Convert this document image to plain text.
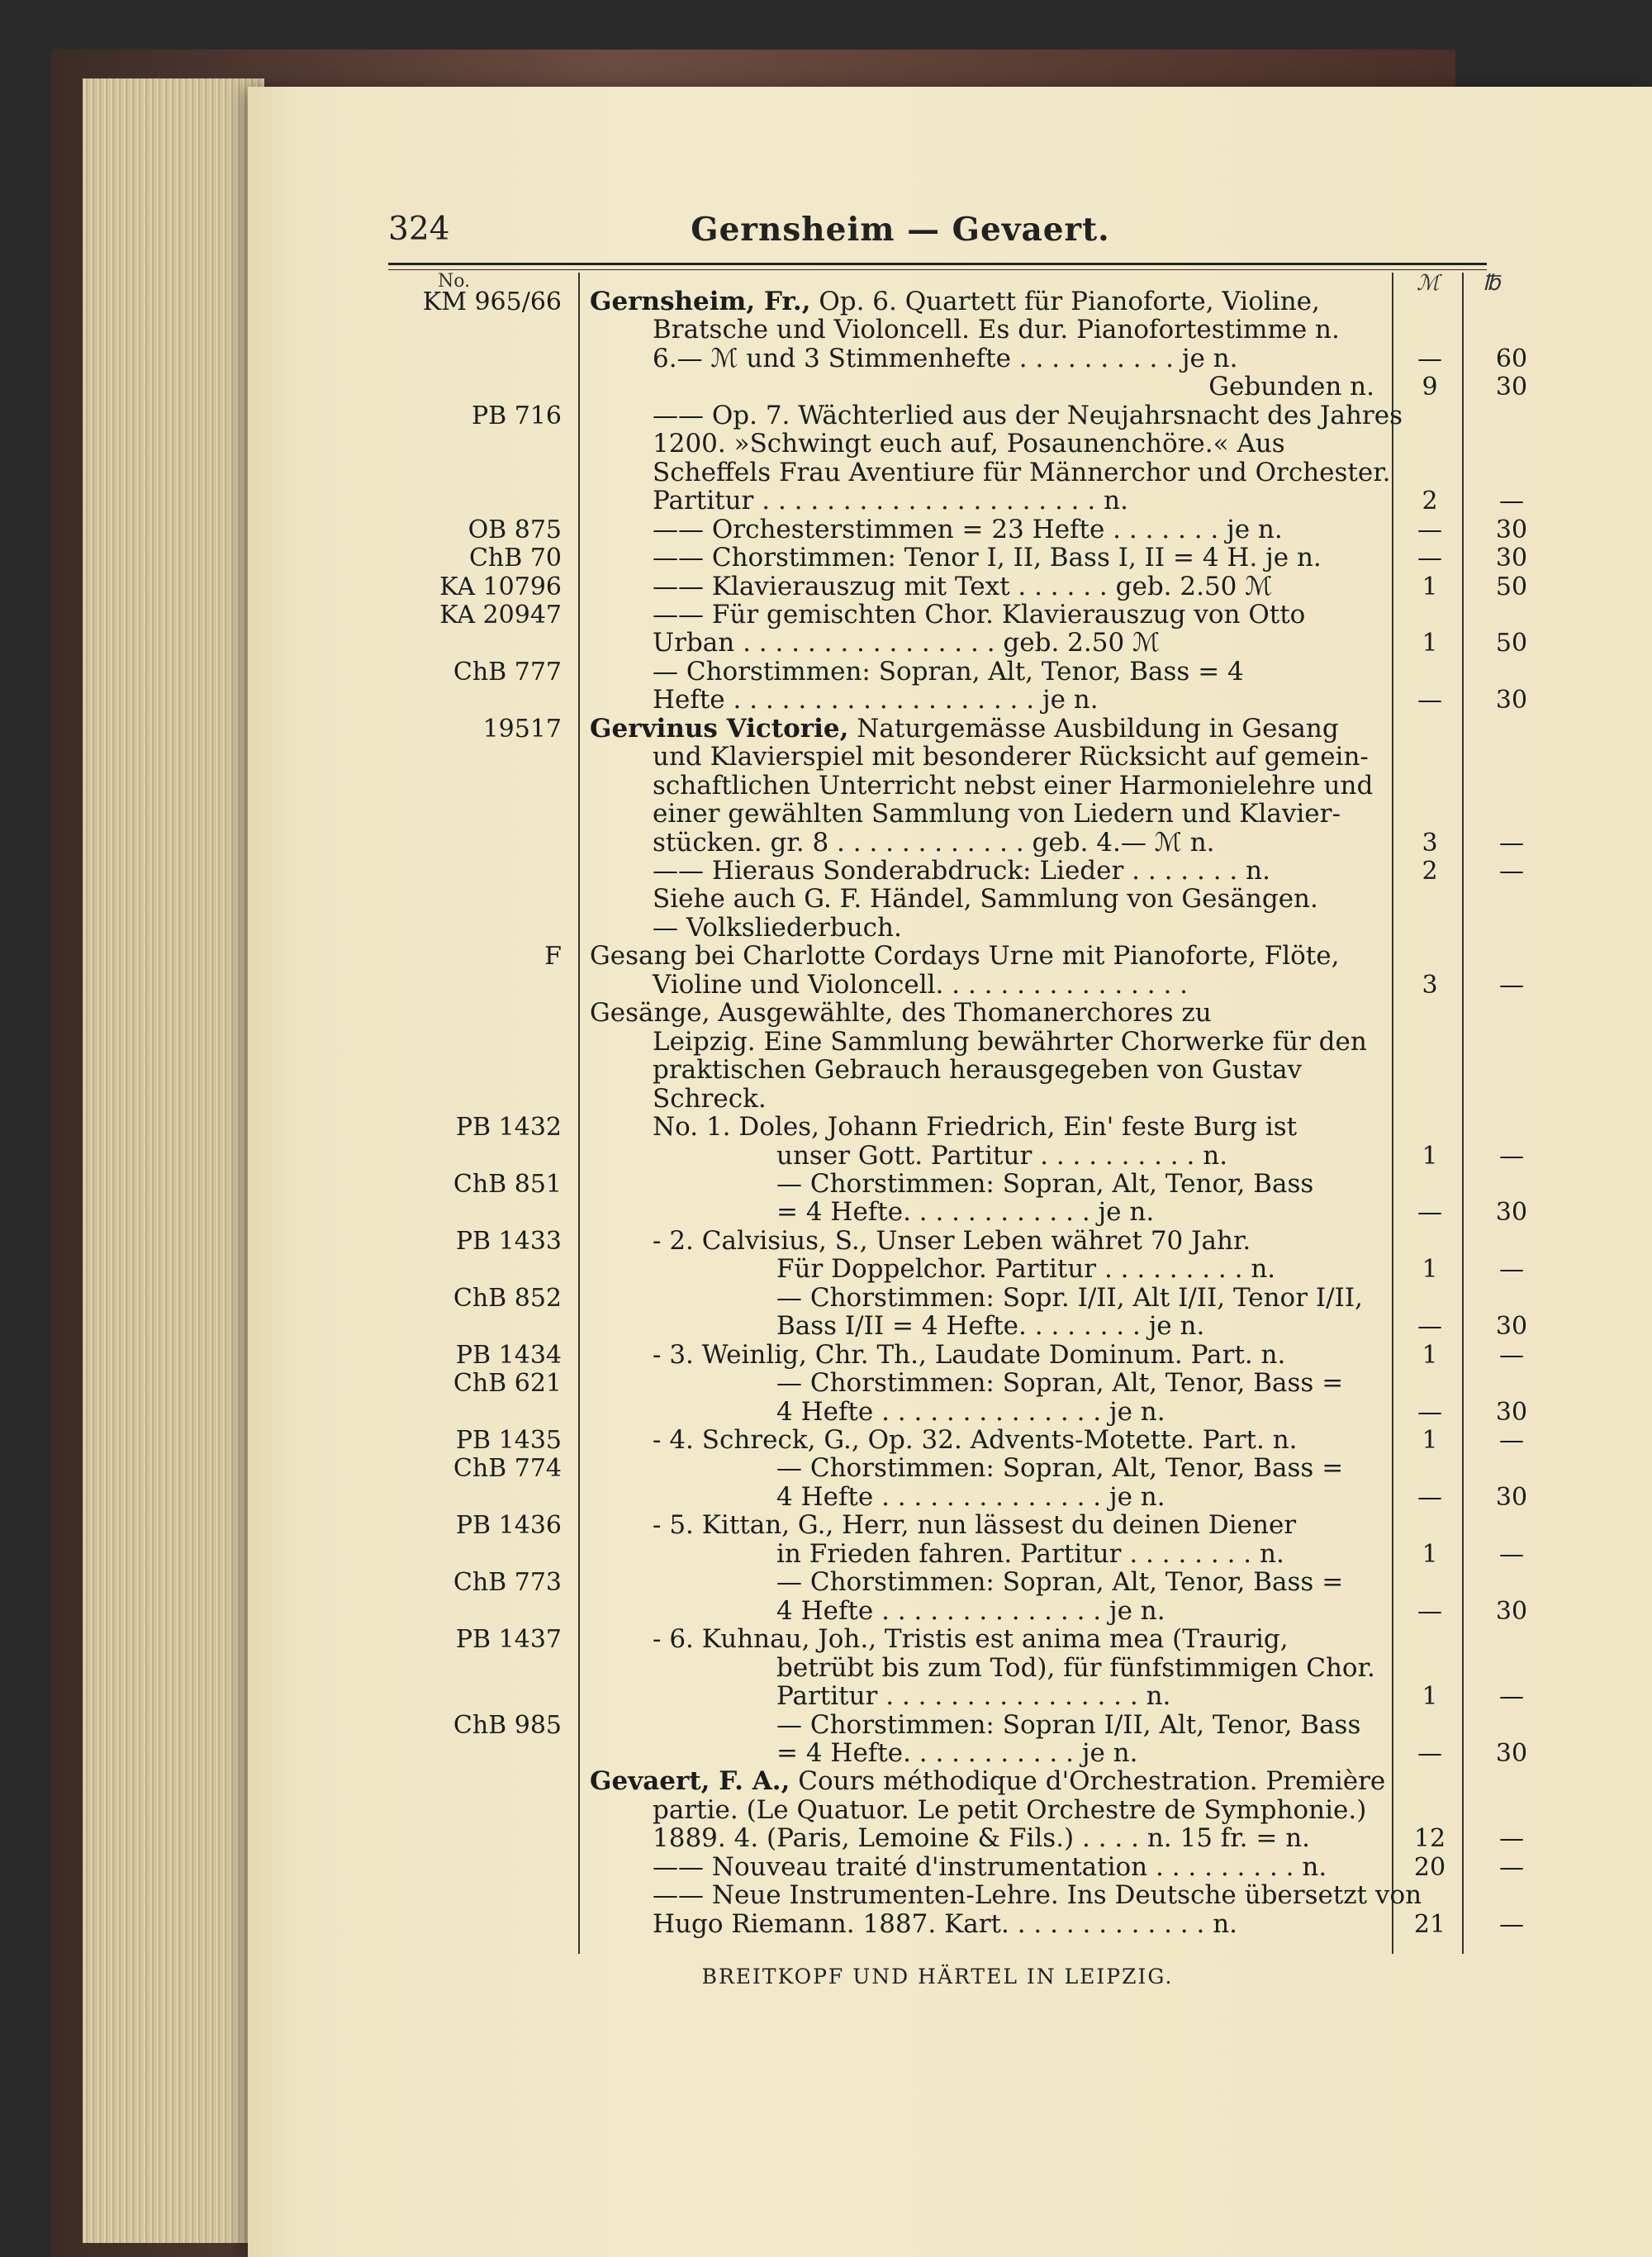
324	Gernsheim — Gevaert.
No.	ℳ ℔
KM 965/66 Gernsheim, Fr., Op. 6. Quartett für Pianoforte, Violine,
Bratsche und Violoncell. Es dur. Pianofortestimme n.
6.— ℳ und 3 Stimmenhefte . . . . . . . . . . je n.	—	60
Gebunden n.	9	30
PB 716	—— Op. 7. Wächterlied aus der Neujahrsnacht des Jahres
1200. »Schwingt euch auf, Posaunenchöre.« Aus
Scheffels Frau Aventiure für Männerchor und Orchester.
Partitur . . . . . . . . . . . . . . . . . . . . . n.	2	—
OB 875	—— Orchesterstimmen = 23 Hefte . . . . . . . je n.	—	30
ChB 70	—— Chorstimmen: Tenor I, II, Bass I, II = 4 H. je n.	—	30
KA 10796	—— Klavierauszug mit Text . . . . . . geb. 2.50 ℳ	1	50
KA 20947	—— Für gemischten Chor. Klavierauszug von Otto
Urban . . . . . . . . . . . . . . . . geb. 2.50 ℳ	1	50
ChB 777	— Chorstimmen: Sopran, Alt, Tenor, Bass = 4
Hefte . . . . . . . . . . . . . . . . . . . je n.	—	30
19517 Gervinus Victorie, Naturgemässe Ausbildung in Gesang
und Klavierspiel mit besonderer Rücksicht auf gemein-
schaftlichen Unterricht nebst einer Harmonielehre und
einer gewählten Sammlung von Liedern und Klavier-
stücken. gr. 8 . . . . . . . . . . . . geb. 4.— ℳ n.	3	—
—— Hieraus Sonderabdruck: Lieder . . . . . . . n.	2	—
Siehe auch G. F. Händel, Sammlung von Gesängen.
— Volksliederbuch.
F Gesang bei Charlotte Cordays Urne mit Pianoforte, Flöte,
Violine und Violoncell. . . . . . . . . . . . . . . .	3	—
Gesänge, Ausgewählte, des Thomanerchores zu
Leipzig. Eine Sammlung bewährter Chorwerke für den
praktischen Gebrauch herausgegeben von Gustav
Schreck.
PB 1432	No. 1. Doles, Johann Friedrich, Ein' feste Burg ist
unser Gott. Partitur . . . . . . . . . . n.	1	—
ChB 851	— Chorstimmen: Sopran, Alt, Tenor, Bass
= 4 Hefte. . . . . . . . . . . . je n.	—	30
PB 1433	- 2. Calvisius, S., Unser Leben währet 70 Jahr.
Für Doppelchor. Partitur . . . . . . . . . n.	1	—
ChB 852	— Chorstimmen: Sopr. I/II, Alt I/II, Tenor I/II,
Bass I/II = 4 Hefte. . . . . . . . je n.	—	30
PB 1434	- 3. Weinlig, Chr. Th., Laudate Dominum. Part. n.	1	—
ChB 621	— Chorstimmen: Sopran, Alt, Tenor, Bass =
4 Hefte . . . . . . . . . . . . . . je n.	—	30
PB 1435	- 4. Schreck, G., Op. 32. Advents-Motette. Part. n.	1	—
ChB 774	— Chorstimmen: Sopran, Alt, Tenor, Bass =
4 Hefte . . . . . . . . . . . . . . je n.	—	30
PB 1436	- 5. Kittan, G., Herr, nun lässest du deinen Diener
in Frieden fahren. Partitur . . . . . . . . n.	1	—
ChB 773	— Chorstimmen: Sopran, Alt, Tenor, Bass =
4 Hefte . . . . . . . . . . . . . . je n.	—	30
PB 1437	- 6. Kuhnau, Joh., Tristis est anima mea (Traurig,
betrübt bis zum Tod), für fünfstimmigen Chor.
Partitur . . . . . . . . . . . . . . . . n.	1	—
ChB 985	— Chorstimmen: Sopran I/II, Alt, Tenor, Bass
= 4 Hefte. . . . . . . . . . . je n.	—	30
Gevaert, F. A., Cours méthodique d'Orchestration. Première
partie. (Le Quatuor. Le petit Orchestre de Symphonie.)
1889. 4. (Paris, Lemoine & Fils.) . . . . n. 15 fr. = n.	12	—
—— Nouveau traité d'instrumentation . . . . . . . . . n.	20	—
—— Neue Instrumenten-Lehre. Ins Deutsche übersetzt von
Hugo Riemann. 1887. Kart. . . . . . . . . . . . . n.	21	—
BREITKOPF UND HÄRTEL IN LEIPZIG.
